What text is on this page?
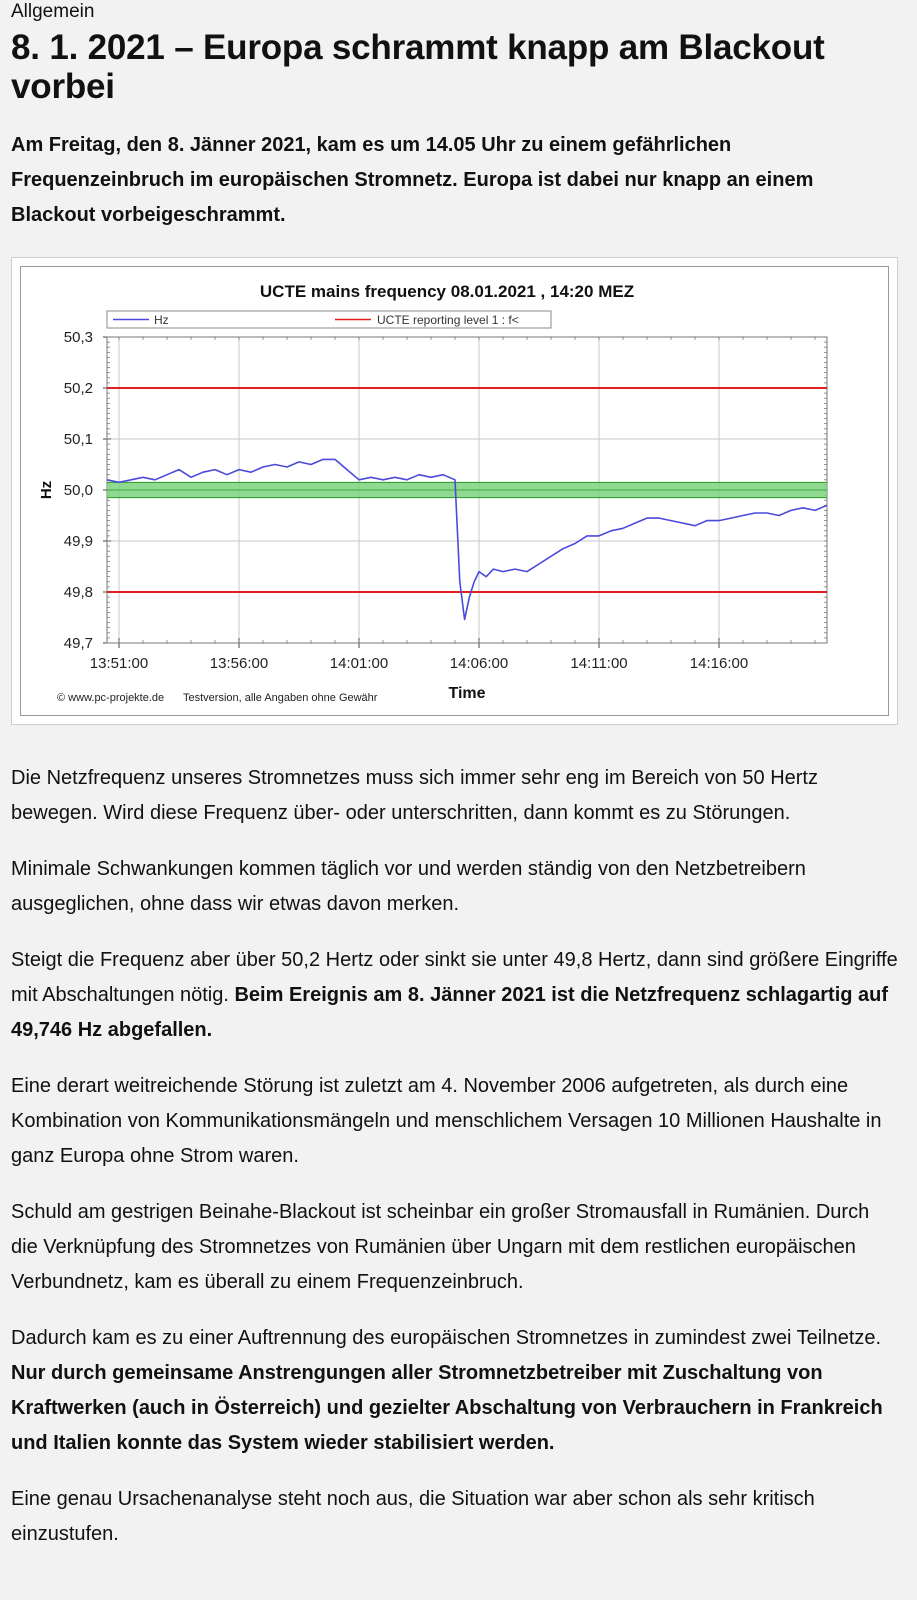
Allgemein

8. 1. 2021 – Europa schrammt knapp am Blackout vorbei

Am Freitag, den 8. Jänner 2021, kam es um 14.05 Uhr zu einem gefährlichen Frequenzeinbruch im europäischen Stromnetz. Europa ist dabei nur knapp an einem Blackout vorbeigeschrammt.

UCTE mains frequency 08.01.2021 , 14:20 MEZ
Hz	UCTE reporting level 1 : f<
50,3
50,2
50,1
50,0
49,9
49,8
49,7
13:51:00	13:56:00	14:01:00	14:06:00	14:11:00	14:16:00
Hz
Time
© www.pc-projekte.de Testversion, alle Angaben ohne Gewähr

Die Netzfrequenz unseres Stromnetzes muss sich immer sehr eng im Bereich von 50 Hertz bewegen. Wird diese Frequenz über- oder unterschritten, dann kommt es zu Störungen.

Minimale Schwankungen kommen täglich vor und werden ständig von den Netzbetreibern ausgeglichen, ohne dass wir etwas davon merken.

Steigt die Frequenz aber über 50,2 Hertz oder sinkt sie unter 49,8 Hertz, dann sind größere Eingriffe mit Abschaltungen nötig. Beim Ereignis am 8. Jänner 2021 ist die Netzfrequenz schlagartig auf 49,746 Hz abgefallen.

Eine derart weitreichende Störung ist zuletzt am 4. November 2006 aufgetreten, als durch eine Kombination von Kommunikationsmängeln und menschlichem Versagen 10 Millionen Haushalte in ganz Europa ohne Strom waren.

Schuld am gestrigen Beinahe-Blackout ist scheinbar ein großer Stromausfall in Rumänien. Durch die Verknüpfung des Stromnetzes von Rumänien über Ungarn mit dem restlichen europäischen Verbundnetz, kam es überall zu einem Frequenzeinbruch.

Dadurch kam es zu einer Auftrennung des europäischen Stromnetzes in zumindest zwei Teilnetze. Nur durch gemeinsame Anstrengungen aller Stromnetzbetreiber mit Zuschaltung von Kraftwerken (auch in Österreich) und gezielter Abschaltung von Verbrauchern in Frankreich und Italien konnte das System wieder stabilisiert werden.

Eine genau Ursachenanalyse steht noch aus, die Situation war aber schon als sehr kritisch einzustufen.
